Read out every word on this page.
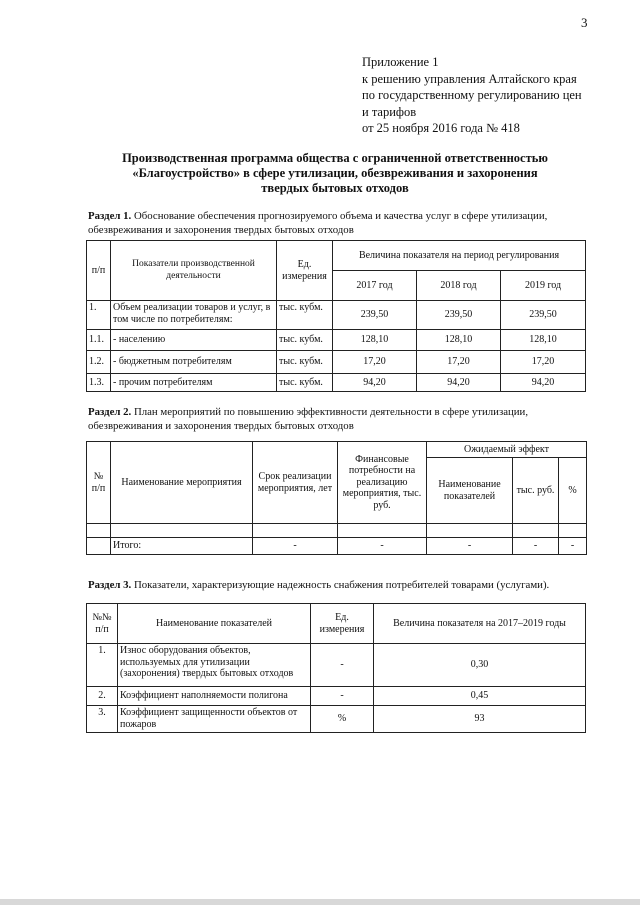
3
Приложение 1
к решению управления Алтайского края
по государственному регулированию цен
и тарифов
от 25 ноября 2016 года № 418
Производственная программа общества с ограниченной ответственностью
«Благоустройство» в сфере утилизации, обезвреживания и захоронения
твердых бытовых отходов
Раздел 1. Обоснование обеспечения прогнозируемого объема и качества услуг в сфере утилизации, обезвреживания и захоронения твердых бытовых отходов
п/п	Показатели производственной деятельности	Ед. измерения	Величина показателя на период регулирования		
			2017 год	2018 год	2019 год
1.	Объем реализации товаров и услуг, в том числе по потребителям:	тыс. кубм.	239,50	239,50	239,50
1.1.	- населению	тыс. кубм.	128,10	128,10	128,10
1.2.	- бюджетным потребителям	тыс. кубм.	17,20	17,20	17,20
1.3.	- прочим потребителям	тыс. кубм.	94,20	94,20	94,20
Раздел 2. План мероприятий по повышению эффективности деятельности в сфере утилизации, обезвреживания и захоронения твердых бытовых отходов
№ п/п	Наименование мероприятия	Срок реализации мероприятия, лет	Финансовые потребности на реализацию мероприятия, тыс. руб.	Ожидаемый эффект		
				Наименование показателей	тыс. руб.	%

	Итого:	-	-	-	-	-
Раздел 3. Показатели, характеризующие надежность снабжения потребителей товарами (услугами).
№№ п/п	Наименование показателей	Ед. измерения	Величина показателя на 2017–2019 годы
1.	Износ оборудования объектов, используемых для утилизации (захоронения) твердых бытовых отходов	-	0,30
2.	Коэффициент наполняемости полигона	-	0,45
3.	Коэффициент защищенности объектов от пожаров	%	93
